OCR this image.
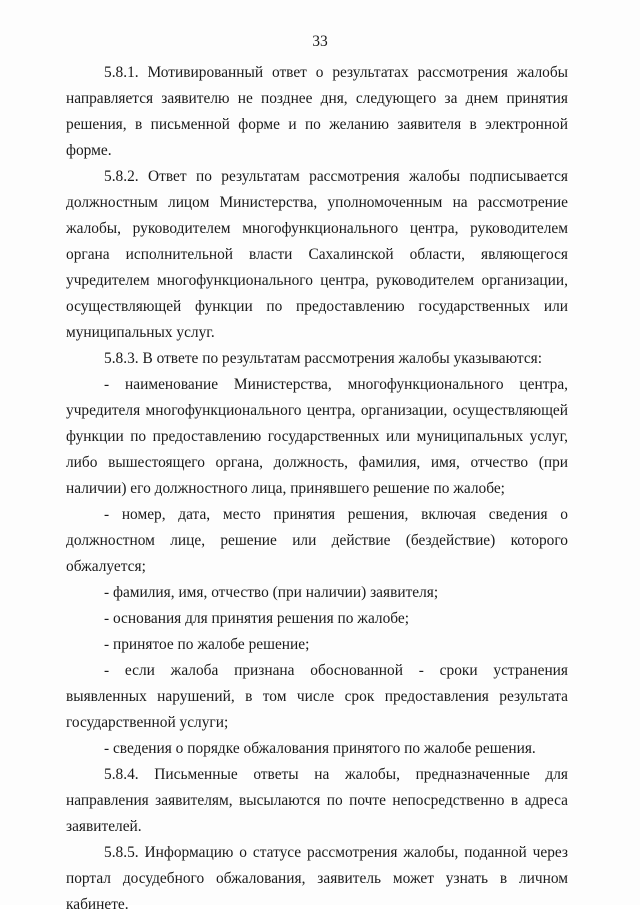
33

5.8.1. Мотивированный ответ о результатах рассмотрения жалобы направляется заявителю не позднее дня, следующего за днем принятия решения, в письменной форме и по желанию заявителя в электронной форме.

5.8.2. Ответ по результатам рассмотрения жалобы подписывается должностным лицом Министерства, уполномоченным на рассмотрение жалобы, руководителем многофункционального центра, руководителем органа исполнительной власти Сахалинской области, являющегося учредителем многофункционального центра, руководителем организации, осуществляющей функции по предоставлению государственных или муниципальных услуг.

5.8.3. В ответе по результатам рассмотрения жалобы указываются:

- наименование Министерства, многофункционального центра, учредителя многофункционального центра, организации, осуществляющей функции по предоставлению государственных или муниципальных услуг, либо вышестоящего органа, должность, фамилия, имя, отчество (при наличии) его должностного лица, принявшего решение по жалобе;

- номер, дата, место принятия решения, включая сведения о должностном лице, решение или действие (бездействие) которого обжалуется;

- фамилия, имя, отчество (при наличии) заявителя;

- основания для принятия решения по жалобе;

- принятое по жалобе решение;

- если жалоба признана обоснованной - сроки устранения выявленных нарушений, в том числе срок предоставления результата государственной услуги;

- сведения о порядке обжалования принятого по жалобе решения.

5.8.4. Письменные ответы на жалобы, предназначенные для направления заявителям, высылаются по почте непосредственно в адреса заявителей.

5.8.5. Информацию о статусе рассмотрения жалобы, поданной через портал досудебного обжалования, заявитель может узнать в личном кабинете.
